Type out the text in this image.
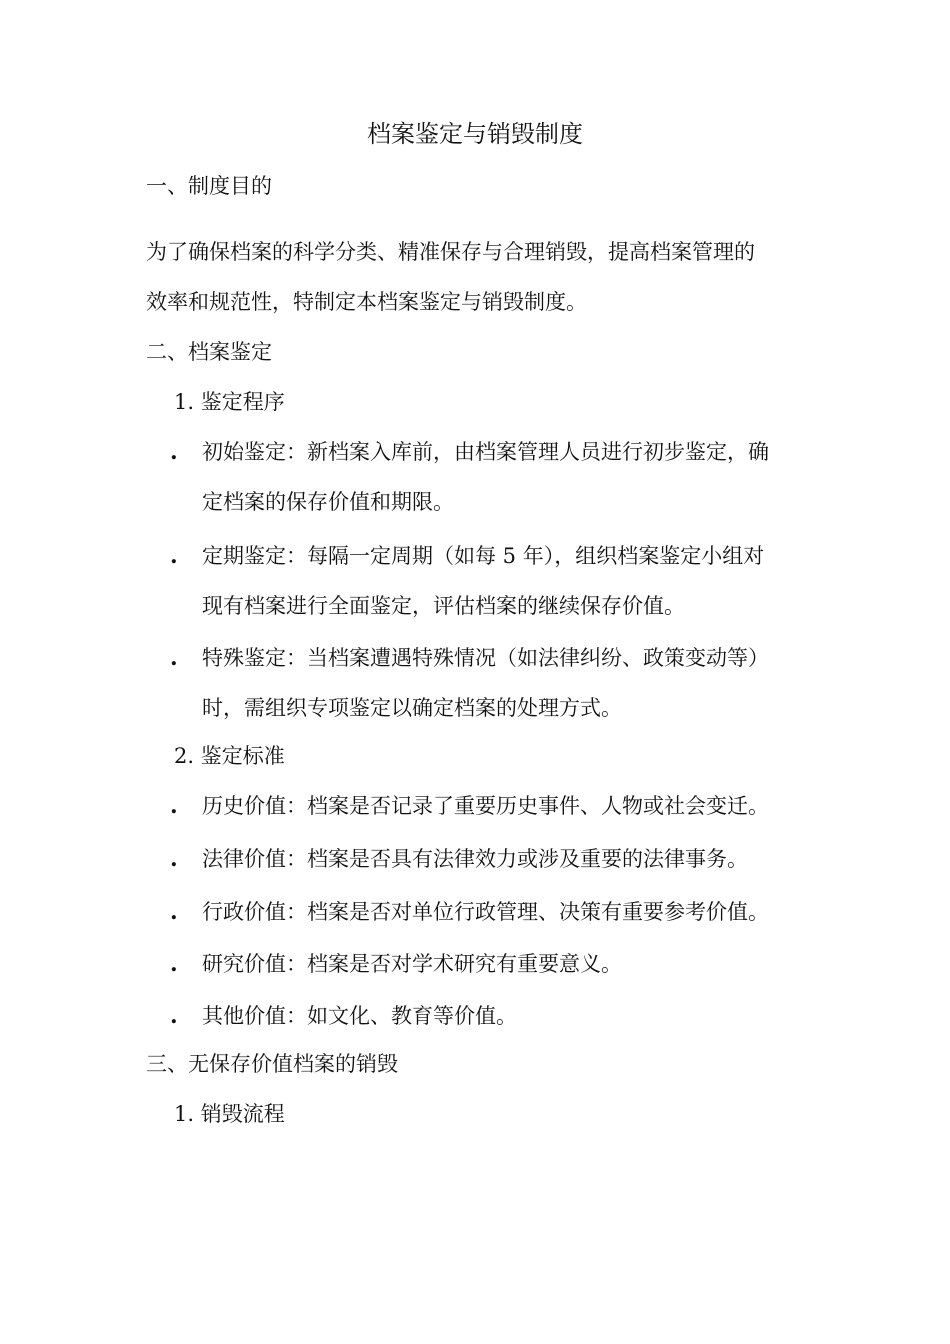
档案鉴定与销毁制度
一、制度目的

为了确保档案的科学分类、精准保存与合理销毁，提高档案管理的

效率和规范性，特制定本档案鉴定与销毁制度。

二、档案鉴定
1. 鉴定程序
.	初始鉴定：新档案入库前，由档案管理人员进行初步鉴定，确

定档案的保存价值和期限。

.	定期鉴定：每隔一定周期（如每 5 年），组织档案鉴定小组对

现有档案进行全面鉴定，评估档案的继续保存价值。

.	特殊鉴定：当档案遭遇特殊情况（如法律纠纷、政策变动等）

时，需组织专项鉴定以确定档案的处理方式。

2. 鉴定标准
.	历史价值：档案是否记录了重要历史事件、人物或社会变迁。

.	法律价值：档案是否具有法律效力或涉及重要的法律事务。

.	行政价值：档案是否对单位行政管理、决策有重要参考价值。

.	研究价值：档案是否对学术研究有重要意义。

.	其他价值：如文化、教育等价值。

三、无保存价值档案的销毁
1. 销毁流程
